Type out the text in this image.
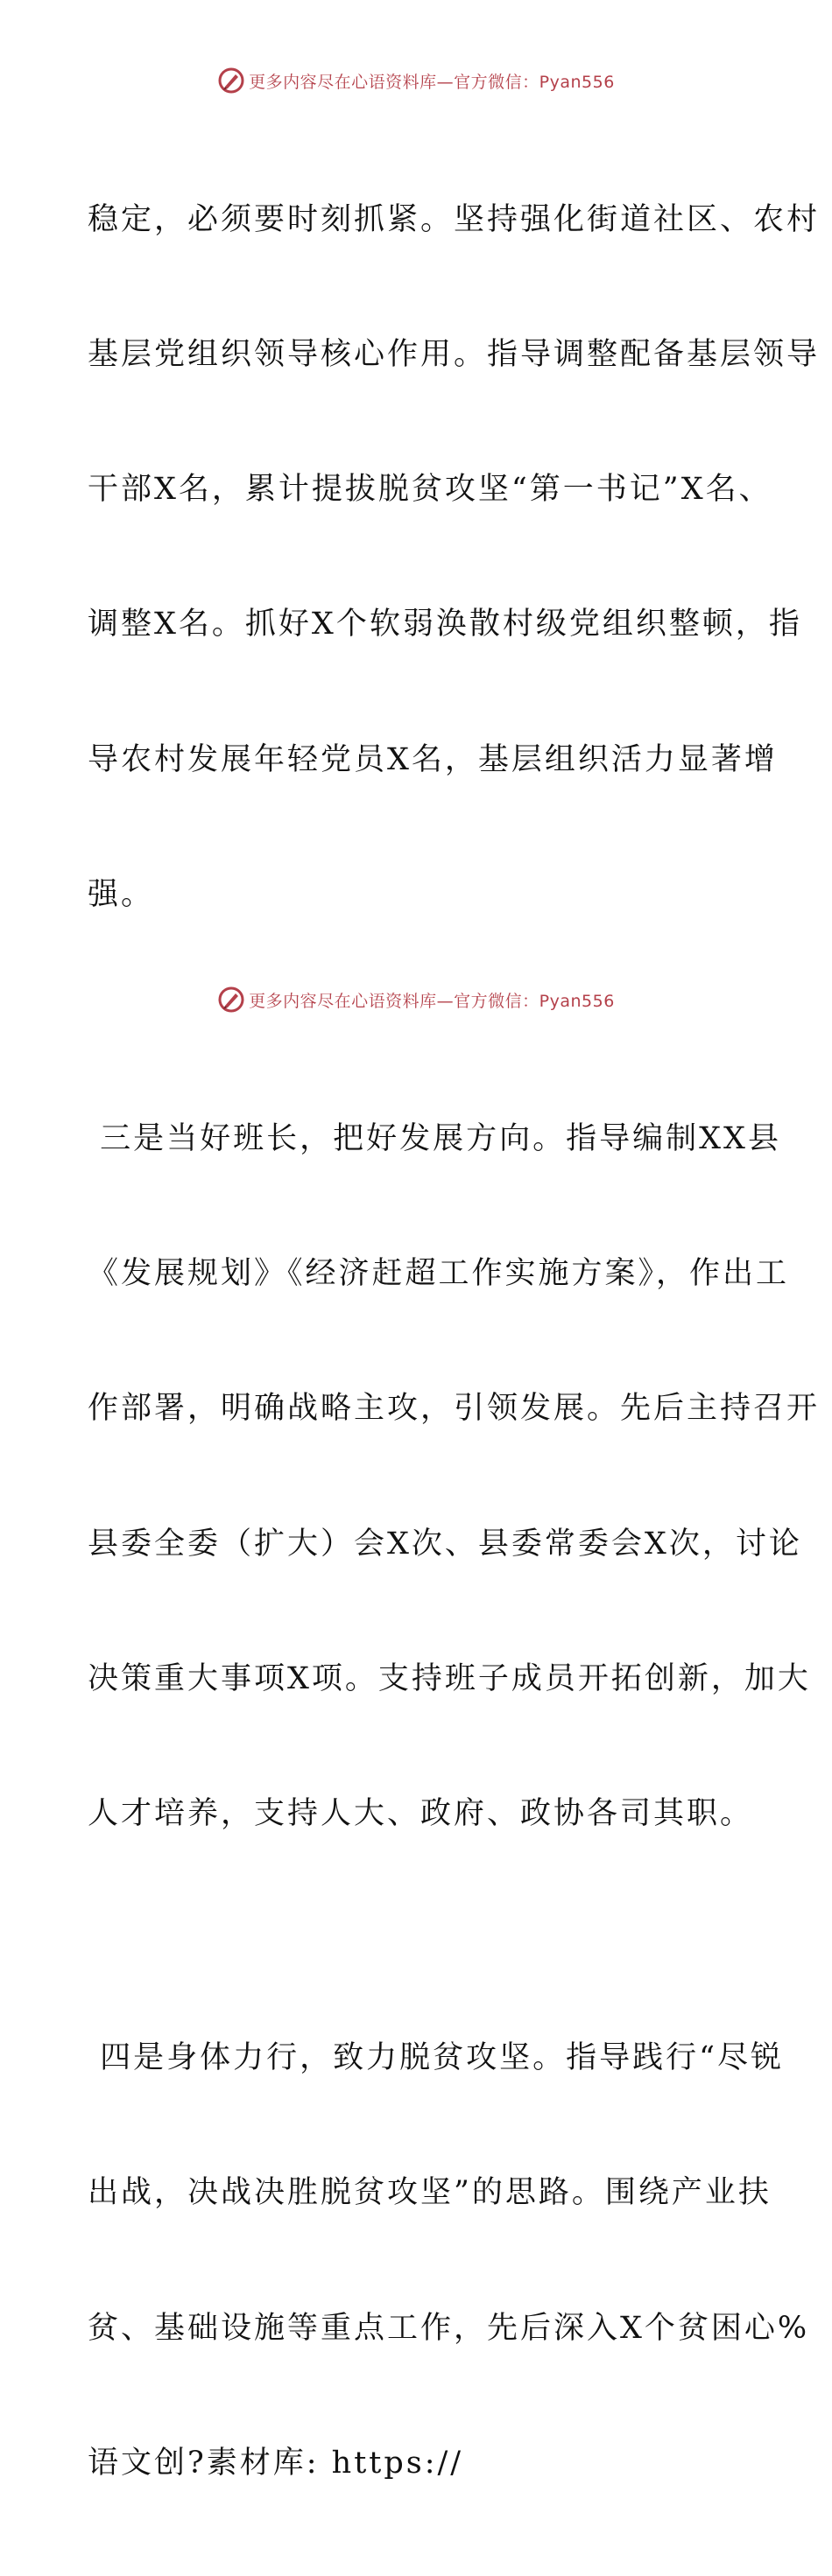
更多内容尽在心语资料库—官方微信：Pyan556

稳定，必须要时刻抓紧。坚持强化街道社区、农村

基层党组织领导核心作用。指导调整配备基层领导

干部X名，累计提拔脱贫攻坚“第一书记”X名、

调整X名。抓好X个软弱涣散村级党组织整顿，指

导农村发展年轻党员X名，基层组织活力显著增

强。

三是当好班长，把好发展方向。指导编制XX县

《发展规划》《经济赶超工作实施方案》，作出工

作部署，明确战略主攻，引领发展。先后主持召开

县委全委（扩大）会X次、县委常委会X次，讨论

决策重大事项X项。支持班子成员开拓创新，加大

人才培养，支持人大、政府、政协各司其职。

四是身体力行，致力脱贫攻坚。指导践行“尽锐

出战，决战决胜脱贫攻坚”的思路。围绕产业扶

贫、基础设施等重点工作，先后深入X个贫困心%

语文创?素材库: https://

更多内容尽在心语资料库—官方微信：Pyan556
